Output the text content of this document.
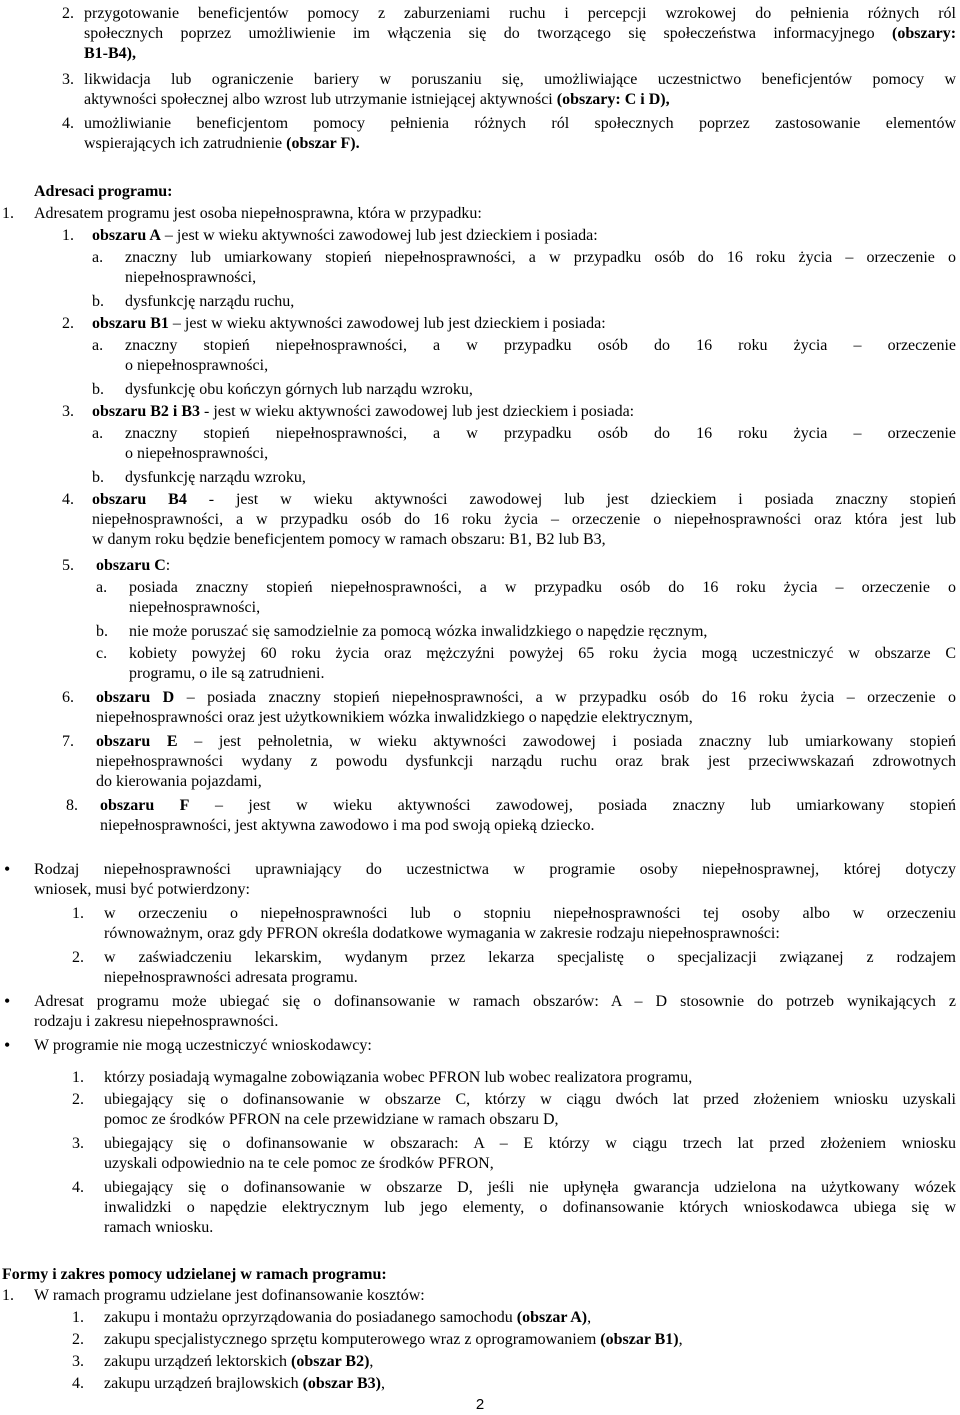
2. przygotowanie beneficjentów pomocy z zaburzeniami ruchu i percepcji wzrokowej do pełnienia różnych ról
społecznych poprzez umożliwienie im włączenia się do tworzącego się społeczeństwa informacyjnego (obszary:
B1-B4),
3. likwidacja lub ograniczenie bariery w poruszaniu się, umożliwiające uczestnictwo beneficjentów pomocy w
aktywności społecznej albo wzrost lub utrzymanie istniejącej aktywności (obszary: C i D),
4. umożliwianie beneficjentom pomocy pełnienia różnych ról społecznych poprzez zastosowanie elementów
wspierających ich zatrudnienie (obszar F).
Adresaci programu:
1. Adresatem programu jest osoba niepełnosprawna, która w przypadku:
1. obszaru A – jest w wieku aktywności zawodowej lub jest dzieckiem i posiada:
a. znaczny lub umiarkowany stopień niepełnosprawności, a w przypadku osób do 16 roku życia – orzeczenie o
niepełnosprawności,
b. dysfunkcję narządu ruchu,
2. obszaru B1 – jest w wieku aktywności zawodowej lub jest dzieckiem i posiada:
a. znaczny stopień niepełnosprawności, a w przypadku osób do 16 roku życia – orzeczenie
o niepełnosprawności,
b. dysfunkcję obu kończyn górnych lub narządu wzroku,
3. obszaru B2 i B3 - jest w wieku aktywności zawodowej lub jest dzieckiem i posiada:
a. znaczny stopień niepełnosprawności, a w przypadku osób do 16 roku życia – orzeczenie
o niepełnosprawności,
b. dysfunkcję narządu wzroku,
4. obszaru B4 - jest w wieku aktywności zawodowej lub jest dzieckiem i posiada znaczny stopień
niepełnosprawności, a w przypadku osób do 16 roku życia – orzeczenie o niepełnosprawności oraz która jest lub
w danym roku będzie beneficjentem pomocy w ramach obszaru: B1, B2 lub B3,
5. obszaru C:
a. posiada znaczny stopień niepełnosprawności, a w przypadku osób do 16 roku życia – orzeczenie o
niepełnosprawności,
b. nie może poruszać się samodzielnie za pomocą wózka inwalidzkiego o napędzie ręcznym,
c. kobiety powyżej 60 roku życia oraz mężczyźni powyżej 65 roku życia mogą uczestniczyć w obszarze C
programu, o ile są zatrudnieni.
6. obszaru D – posiada znaczny stopień niepełnosprawności, a w przypadku osób do 16 roku życia – orzeczenie o
niepełnosprawności oraz jest użytkownikiem wózka inwalidzkiego o napędzie elektrycznym,
7. obszaru E – jest pełnoletnia, w wieku aktywności zawodowej i posiada znaczny lub umiarkowany stopień
niepełnosprawności wydany z powodu dysfunkcji narządu ruchu oraz brak jest przeciwwskazań zdrowotnych
do kierowania pojazdami,
8. obszaru F – jest w wieku aktywności zawodowej, posiada znaczny lub umiarkowany stopień
niepełnosprawności, jest aktywna zawodowo i ma pod swoją opieką dziecko.
• Rodzaj niepełnosprawności uprawniający do uczestnictwa w programie osoby niepełnosprawnej, której dotyczy
wniosek, musi być potwierdzony:
1. w orzeczeniu o niepełnosprawności lub o stopniu niepełnosprawności tej osoby albo w orzeczeniu
równoważnym, oraz gdy PFRON określa dodatkowe wymagania w zakresie rodzaju niepełnosprawności:
2. w zaświadczeniu lekarskim, wydanym przez lekarza specjalistę o specjalizacji związanej z rodzajem
niepełnosprawności adresata programu.
• Adresat programu może ubiegać się o dofinansowanie w ramach obszarów: A – D stosownie do potrzeb wynikających z
rodzaju i zakresu niepełnosprawności.
• W programie nie mogą uczestniczyć wnioskodawcy:
1. którzy posiadają wymagalne zobowiązania wobec PFRON lub wobec realizatora programu,
2. ubiegający się o dofinansowanie w obszarze C, którzy w ciągu dwóch lat przed złożeniem wniosku uzyskali
pomoc ze środków PFRON na cele przewidziane w ramach obszaru D,
3. ubiegający się o dofinansowanie w obszarach: A – E którzy w ciągu trzech lat przed złożeniem wniosku
uzyskali odpowiednio na te cele pomoc ze środków PFRON,
4. ubiegający się o dofinansowanie w obszarze D, jeśli nie upłynęła gwarancja udzielona na użytkowany wózek
inwalidzki o napędzie elektrycznym lub jego elementy, o dofinansowanie których wnioskodawca ubiega się w
ramach wniosku.
Formy i zakres pomocy udzielanej w ramach programu:
1. W ramach programu udzielane jest dofinansowanie kosztów:
1. zakupu i montażu oprzyrządowania do posiadanego samochodu (obszar A),
2. zakupu specjalistycznego sprzętu komputerowego wraz z oprogramowaniem (obszar B1),
3. zakupu urządzeń lektorskich (obszar B2),
4. zakupu urządzeń brajlowskich (obszar B3),
2
